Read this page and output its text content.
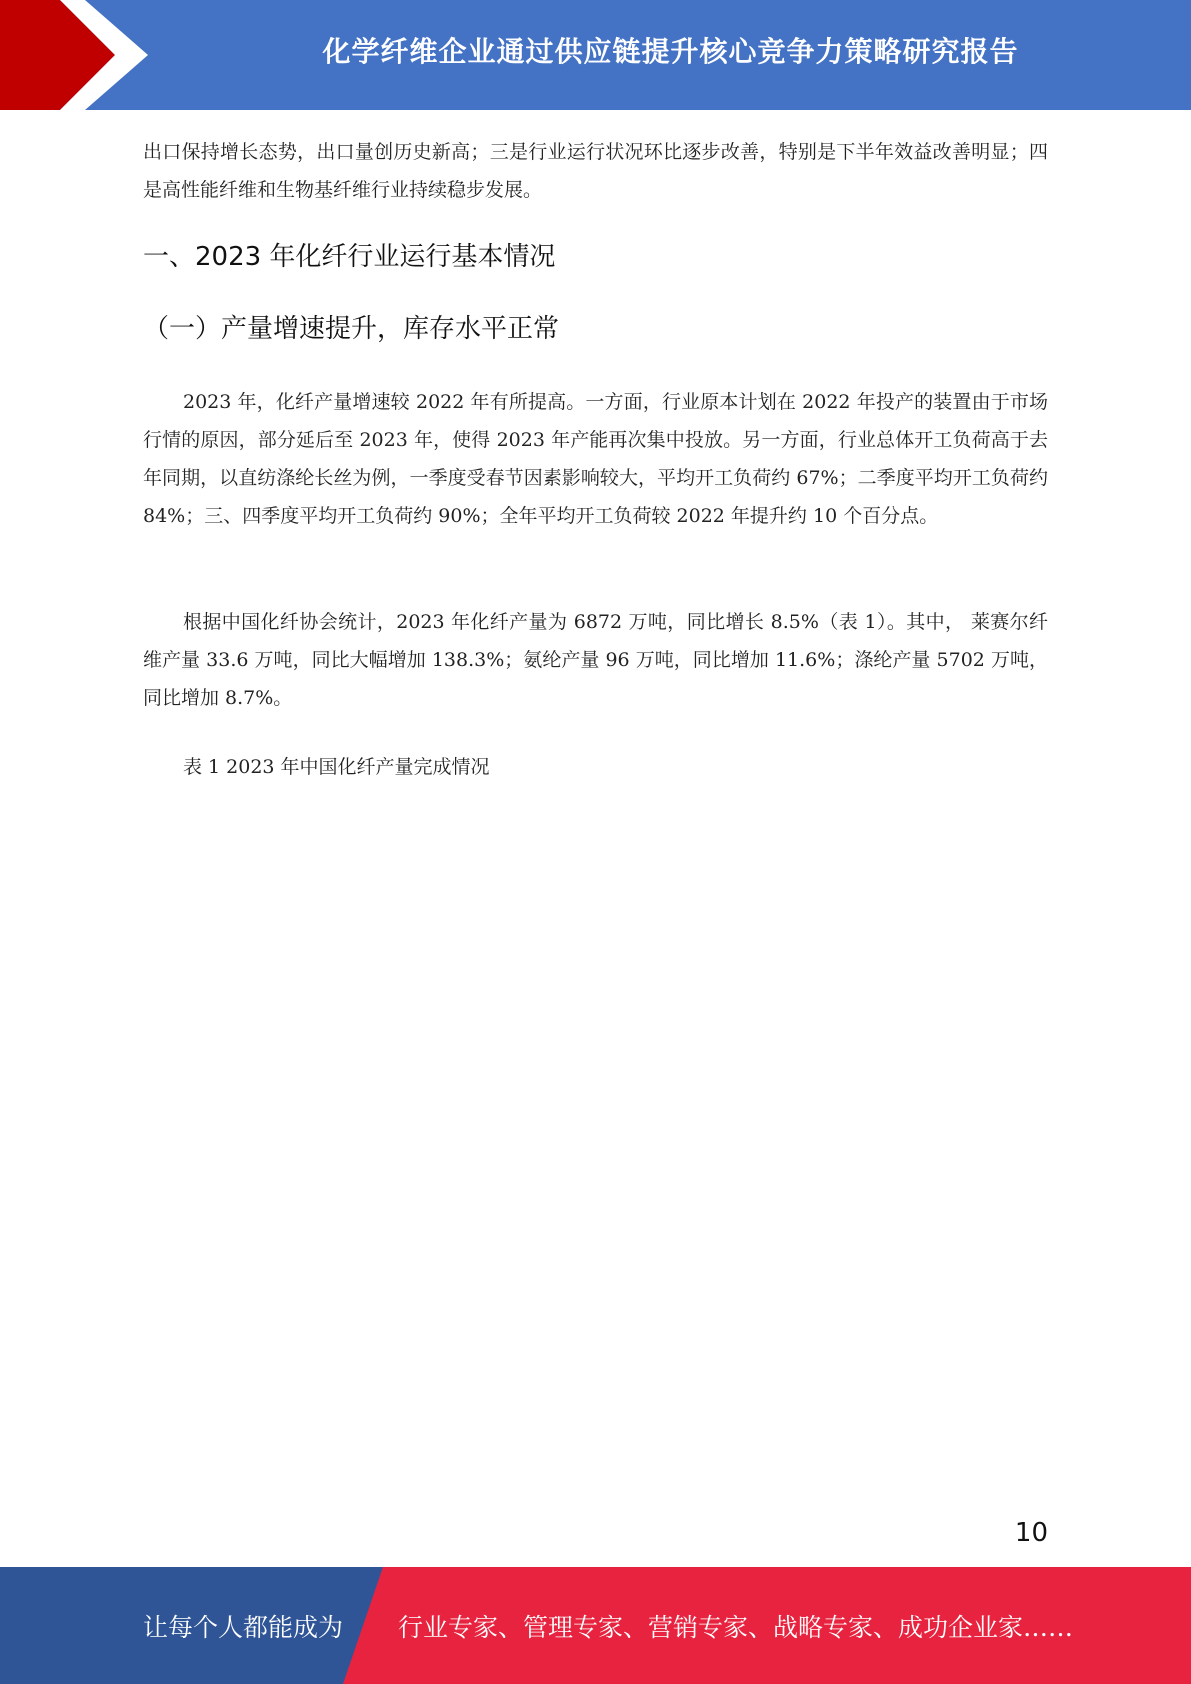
化学纤维企业通过供应链提升核心竞争力策略研究报告

出口保持增长态势，出口量创历史新高；三是行业运行状况环比逐步改善，特别是下半年效益改善明显；四是高性能纤维和生物基纤维行业持续稳步发展。

一、2023 年化纤行业运行基本情况
（一）产量增速提升，库存水平正常

2023 年，化纤产量增速较 2022 年有所提高。一方面，行业原本计划在 2022 年投产的装置由于市场行情的原因，部分延后至 2023 年，使得 2023 年产能再次集中投放。另一方面，行业总体开工负荷高于去年同期，以直纺涤纶长丝为例，一季度受春节因素影响较大，平均开工负荷约 67%；二季度平均开工负荷约 84%；三、四季度平均开工负荷约 90%；全年平均开工负荷较 2022 年提升约 10 个百分点。

根据中国化纤协会统计，2023 年化纤产量为 6872 万吨，同比增长 8.5%（表 1）。其中， 莱赛尔纤维产量 33.6 万吨，同比大幅增加 138.3%；氨纶产量 96 万吨，同比增加 11.6%；涤纶产量 5702 万吨，同比增加 8.7%。

表 1 2023 年中国化纤产量完成情况

10
让每个人都能成为 行业专家、管理专家、营销专家、战略专家、成功企业家……
